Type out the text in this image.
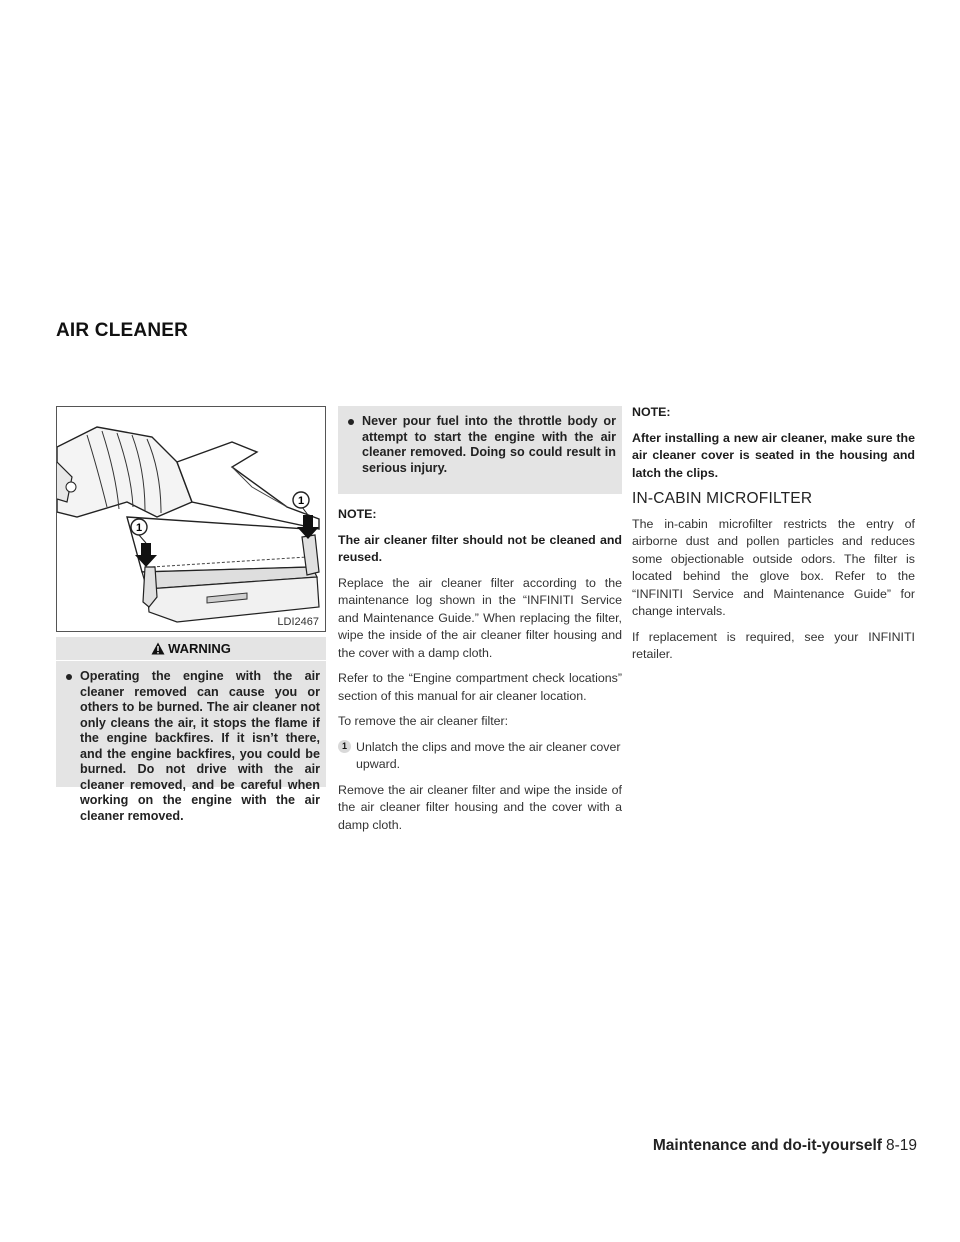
AIR CLEANER
1
1
LDI2467
WARNING
Operating the engine with the air cleaner removed can cause you or others to be burned. The air cleaner not only cleans the air, it stops the flame if the engine backfires. If it isn’t there, and the engine backfires, you could be burned. Do not drive with the air cleaner removed, and be careful when working on the engine with the air cleaner removed.
Never pour fuel into the throttle body or attempt to start the engine with the air cleaner removed. Doing so could result in serious injury.

NOTE:

The air cleaner filter should not be cleaned and reused.

Replace the air cleaner filter according to the maintenance log shown in the “INFINITI Service and Maintenance Guide.” When replacing the filter, wipe the inside of the air cleaner filter housing and the cover with a damp cloth.

Refer to the “Engine compartment check locations” section of this manual for air cleaner location.

To remove the air cleaner filter:

1 Unlatch the clips and move the air cleaner cover upward.

Remove the air cleaner filter and wipe the inside of the air cleaner filter housing and the cover with a damp cloth.

NOTE:

After installing a new air cleaner, make sure the air cleaner cover is seated in the housing and latch the clips.

IN-CABIN MICROFILTER

The in-cabin microfilter restricts the entry of airborne dust and pollen particles and reduces some objectionable outside odors. The filter is located behind the glove box. Refer to the “INFINITI Service and Maintenance Guide” for change intervals.

If replacement is required, see your INFINITI retailer.

Maintenance and do-it-yourself 8-19
